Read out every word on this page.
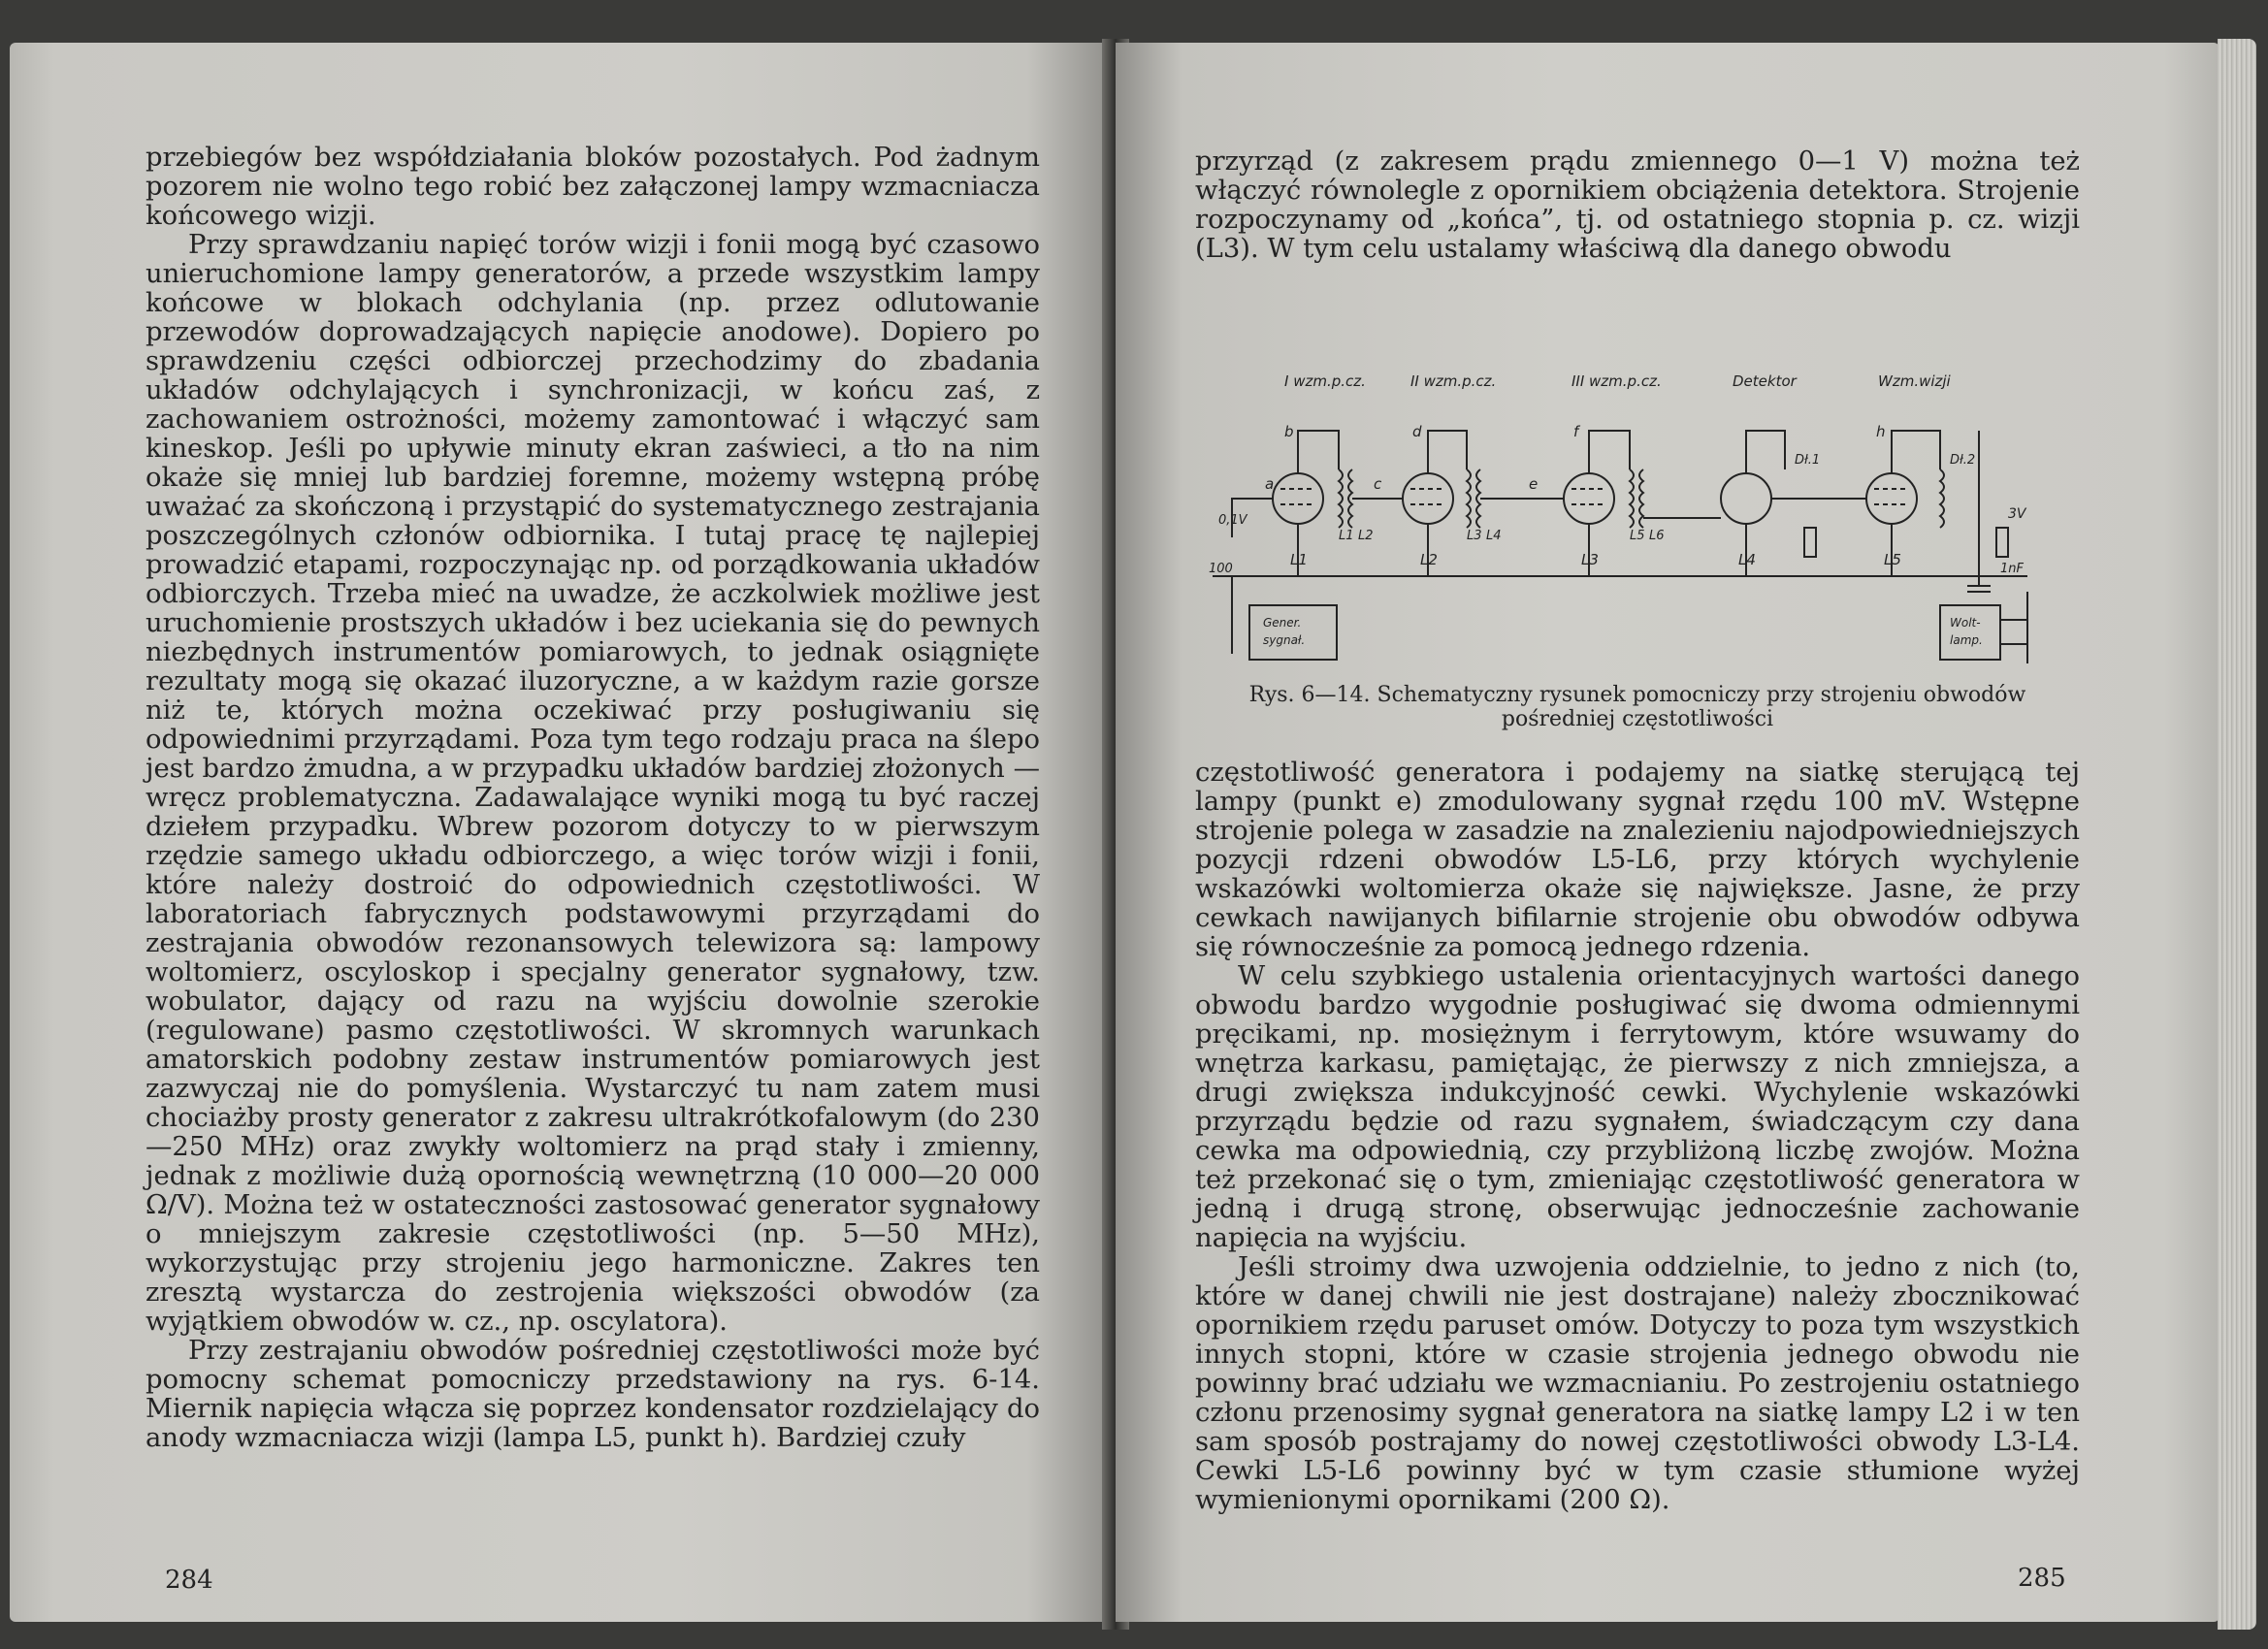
przebiegów bez współdziałania bloków pozostałych. Pod żadnym pozorem nie wolno tego robić bez załączonej lampy wzmacniacza końcowego wizji.

Przy sprawdzaniu napięć torów wizji i fonii mogą być czasowo unieruchomione lampy generatorów, a przede wszystkim lampy końcowe w blokach odchylania (np. przez odlutowanie przewodów doprowadzających napięcie anodowe). Dopiero po sprawdzeniu części odbiorczej przechodzimy do zbadania układów odchylających i synchronizacji, w końcu zaś, z zachowaniem ostrożności, możemy zamontować i włączyć sam kineskop. Jeśli po upływie minuty ekran zaświeci, a tło na nim okaże się mniej lub bardziej foremne, możemy wstępną próbę uważać za skończoną i przystąpić do systematycznego zestrajania poszczególnych członów odbiornika. I tutaj pracę tę najlepiej prowadzić etapami, rozpoczynając np. od porządkowania układów odbiorczych. Trzeba mieć na uwadze, że aczkolwiek możliwe jest uruchomienie prostszych układów i bez uciekania się do pewnych niezbędnych instrumentów pomiarowych, to jednak osiągnięte rezultaty mogą się okazać iluzoryczne, a w każdym razie gorsze niż te, których można oczekiwać przy posługiwaniu się odpowiednimi przyrządami. Poza tym tego rodzaju praca na ślepo jest bardzo żmudna, a w przypadku układów bardziej złożonych — wręcz problematyczna. Zadawalające wyniki mogą tu być raczej dziełem przypadku. Wbrew pozorom dotyczy to w pierwszym rzędzie samego układu odbiorczego, a więc torów wizji i fonii, które należy dostroić do odpowiednich częstotliwości. W laboratoriach fabrycznych podstawowymi przyrządami do zestrajania obwodów rezonansowych telewizora są: lampowy woltomierz, oscyloskop i specjalny generator sygnałowy, tzw. wobulator, dający od razu na wyjściu dowolnie szerokie (regulowane) pasmo częstotliwości. W skromnych warunkach amatorskich podobny zestaw instrumentów pomiarowych jest zazwyczaj nie do pomyślenia. Wystarczyć tu nam zatem musi chociażby prosty generator z zakresu ultrakrótkofalowym (do 230—250 MHz) oraz zwykły woltomierz na prąd stały i zmienny, jednak z możliwie dużą opornością wewnętrzną (10 000—20 000 Ω/V). Można też w ostateczności zastosować generator sygnałowy o mniejszym zakresie częstotliwości (np. 5—50 MHz), wykorzystując przy strojeniu jego harmoniczne. Zakres ten zresztą wystarcza do zestrojenia większości obwodów (za wyjątkiem obwodów w. cz., np. oscylatora).

Przy zestrajaniu obwodów pośredniej częstotliwości może być pomocny schemat pomocniczy przedstawiony na rys. 6-14. Miernik napięcia włącza się poprzez kondensator rozdzielający do anody wzmacniacza wizji (lampa L5, punkt h). Bardziej czuły

284

przyrząd (z zakresem prądu zmiennego 0—1 V) można też włączyć równolegle z opornikiem obciążenia detektora. Strojenie rozpoczynamy od „końca”, tj. od ostatniego stopnia p. cz. wizji (L3). W tym celu ustalamy właściwą dla danego obwodu

I wzm.p.cz.	II wzm.p.cz.	III wzm.p.cz.	Detektor	Wzm.wizji
L1	L2	L3	L4	L5
L1 L2	L3 L4	L5 L6
a
b
c
d
e
f	h
Dł.1	Dł.2
0,1V
100
3V
1nF
Gener.
sygnał.
Wolt-
lamp.
Rys. 6—14. Schematyczny rysunek pomocniczy przy strojeniu obwodów
pośredniej częstotliwości

częstotliwość generatora i podajemy na siatkę sterującą tej lampy (punkt e) zmodulowany sygnał rzędu 100 mV. Wstępne strojenie polega w zasadzie na znalezieniu najodpowiedniejszych pozycji rdzeni obwodów L5-L6, przy których wychylenie wskazówki woltomierza okaże się największe. Jasne, że przy cewkach nawijanych bifilarnie strojenie obu obwodów odbywa się równocześnie za pomocą jednego rdzenia.

W celu szybkiego ustalenia orientacyjnych wartości danego obwodu bardzo wygodnie posługiwać się dwoma odmiennymi pręcikami, np. mosiężnym i ferrytowym, które wsuwamy do wnętrza karkasu, pamiętając, że pierwszy z nich zmniejsza, a drugi zwiększa indukcyjność cewki. Wychylenie wskazówki przyrządu będzie od razu sygnałem, świadczącym czy dana cewka ma odpowiednią, czy przybliżoną liczbę zwojów. Można też przekonać się o tym, zmieniając częstotliwość generatora w jedną i drugą stronę, obserwując jednocześnie zachowanie napięcia na wyjściu.

Jeśli stroimy dwa uzwojenia oddzielnie, to jedno z nich (to, które w danej chwili nie jest dostrajane) należy zbocznikować opornikiem rzędu paruset omów. Dotyczy to poza tym wszystkich innych stopni, które w czasie strojenia jednego obwodu nie powinny brać udziału we wzmacnianiu. Po zestrojeniu ostatniego członu przenosimy sygnał generatora na siatkę lampy L2 i w ten sam sposób postrajamy do nowej częstotliwości obwody L3-L4. Cewki L5-L6 powinny być w tym czasie stłumione wyżej wymienionymi opornikami (200 Ω).

285
